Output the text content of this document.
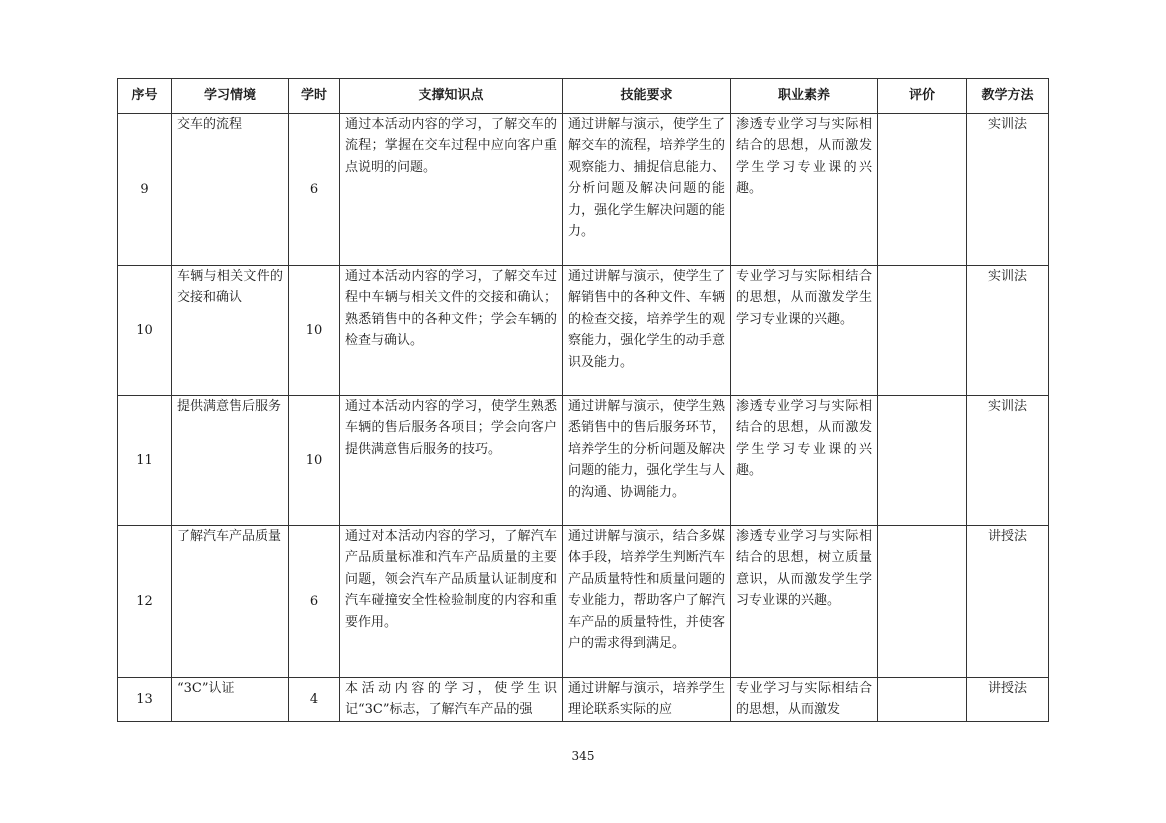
序号	学习情境	学时	支撑知识点	技能要求	职业素养	评价	教学方法
9	交车的流程	6	通过本活动内容的学习，了解交车的流程；掌握在交车过程中应向客户重点说明的问题。	通过讲解与演示，使学生了解交车的流程，培养学生的观察能力、捕捉信息能力、分析问题及解决问题的能力，强化学生解决问题的能力。	渗透专业学习与实际相结合的思想，从而激发学生学习专业课的兴趣。		实训法
10	车辆与相关文件的交接和确认	10	通过本活动内容的学习，了解交车过程中车辆与相关文件的交接和确认；熟悉销售中的各种文件；学会车辆的检查与确认。	通过讲解与演示，使学生了解销售中的各种文件、车辆的检查交接，培养学生的观察能力，强化学生的动手意识及能力。	专业学习与实际相结合的思想，从而激发学生学习专业课的兴趣。		实训法
11	提供满意售后服务	10	通过本活动内容的学习，使学生熟悉车辆的售后服务各项目；学会向客户提供满意售后服务的技巧。	通过讲解与演示，使学生熟悉销售中的售后服务环节，培养学生的分析问题及解决问题的能力，强化学生与人的沟通、协调能力。	渗透专业学习与实际相结合的思想，从而激发学生学习专业课的兴趣。		实训法
12	了解汽车产品质量	6	通过对本活动内容的学习，了解汽车产品质量标准和汽车产品质量的主要问题，领会汽车产品质量认证制度和汽车碰撞安全性检验制度的内容和重要作用。	通过讲解与演示，结合多媒体手段，培养学生判断汽车产品质量特性和质量问题的专业能力，帮助客户了解汽车产品的质量特性，并使客户的需求得到满足。	渗透专业学习与实际相结合的思想，树立质量意识，从而激发学生学习专业课的兴趣。		讲授法
13	“3C”认证	4	本活动内容的学习，使学生识记“3C”标志，了解汽车产品的强	通过讲解与演示，培养学生理论联系实际的应	专业学习与实际相结合的思想，从而激发		讲授法
345
